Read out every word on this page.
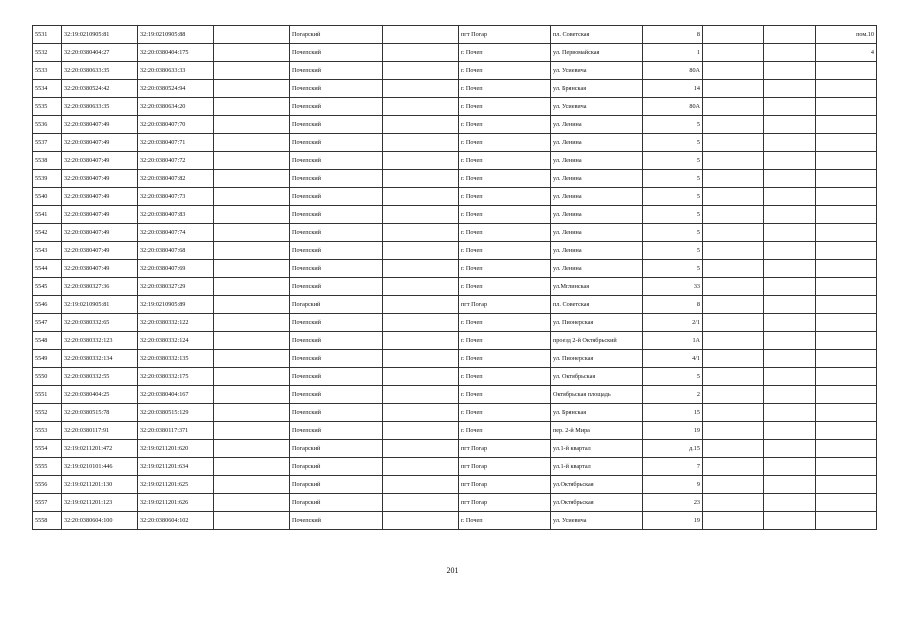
5531	32:19:0210905:81	32:19:0210905:88		Погарский		пгт Погар	пл. Советская	8			пом.10
5532	32:20:0380404:27	32:20:0380404:175		Почепский		г. Почеп	ул. Первомайская	1			4
5533	32:20:0380633:35	32:20:0380633:33		Почепский		г. Почеп	ул. Усиевича	80А			
5534	32:20:0380524:42	32:20:0380524:94		Почепский		г. Почеп	ул. Брянская	14			
5535	32:20:0380633:35	32:20:0380634:20		Почепский		г. Почеп	ул. Усиевича	80А			
5536	32:20:0380407:49	32:20:0380407:70		Почепский		г. Почеп	ул. Ленина	5			
5537	32:20:0380407:49	32:20:0380407:71		Почепский		г. Почеп	ул. Ленина	5			
5538	32:20:0380407:49	32:20:0380407:72		Почепский		г. Почеп	ул. Ленина	5			
5539	32:20:0380407:49	32:20:0380407:82		Почепский		г. Почеп	ул. Ленина	5			
5540	32:20:0380407:49	32:20:0380407:73		Почепский		г. Почеп	ул. Ленина	5			
5541	32:20:0380407:49	32:20:0380407:83		Почепский		г. Почеп	ул. Ленина	5			
5542	32:20:0380407:49	32:20:0380407:74		Почепский		г. Почеп	ул. Ленина	5			
5543	32:20:0380407:49	32:20:0380407:68		Почепский		г. Почеп	ул. Ленина	5			
5544	32:20:0380407:49	32:20:0380407:69		Почепский		г. Почеп	ул. Ленина	5			
5545	32:20:0380327:36	32:20:0380327:29		Почепский		г. Почеп	ул.Мглинская	33			
5546	32:19:0210905:81	32:19:0210905:89		Погарский		пгт Погар	пл. Советская	8			
5547	32:20:0380332:65	32:20:0380332:122		Почепский		г. Почеп	ул. Пионерская	2/1			
5548	32:20:0380332:123	32:20:0380332:124		Почепский		г. Почеп	проезд 2-й Октябрьский	1А			
5549	32:20:0380332:134	32:20:0380332:135		Почепский		г. Почеп	ул. Пионерская	4/1			
5550	32:20:0380332:55	32:20:0380332:175		Почепский		г. Почеп	ул. Октябрьская	5			
5551	32:20:0380404:25	32:20:0380404:167		Почепский		г. Почеп	Октябрьская площадь	2			
5552	32:20:0380515:78	32:20:0380515:129		Почепский		г. Почеп	ул. Брянская	15			
5553	32:20:0380117:91	32:20:0380117:371		Почепский		г. Почеп	пер. 2-й Мира	19			
5554	32:19:0211201:472	32:19:0211201:620		Погарский		пгт Погар	ул.1-й квартал	д.15			
5555	32:19:0210101:446	32:19:0211201:634		Погарский		пгт Погар	ул.1-й квартал	7			
5556	32:19:0211201:130	32:19:0211201:625		Погарский		пгт Погар	ул.Октябрьская	9			
5557	32:19:0211201:123	32:19:0211201:626		Погарский		пгт Погар	ул.Октябрьская	23			
5558	32:20:0380604:100	32:20:0380604:102		Почепский		г. Почеп	ул. Усиевича	19			
201
